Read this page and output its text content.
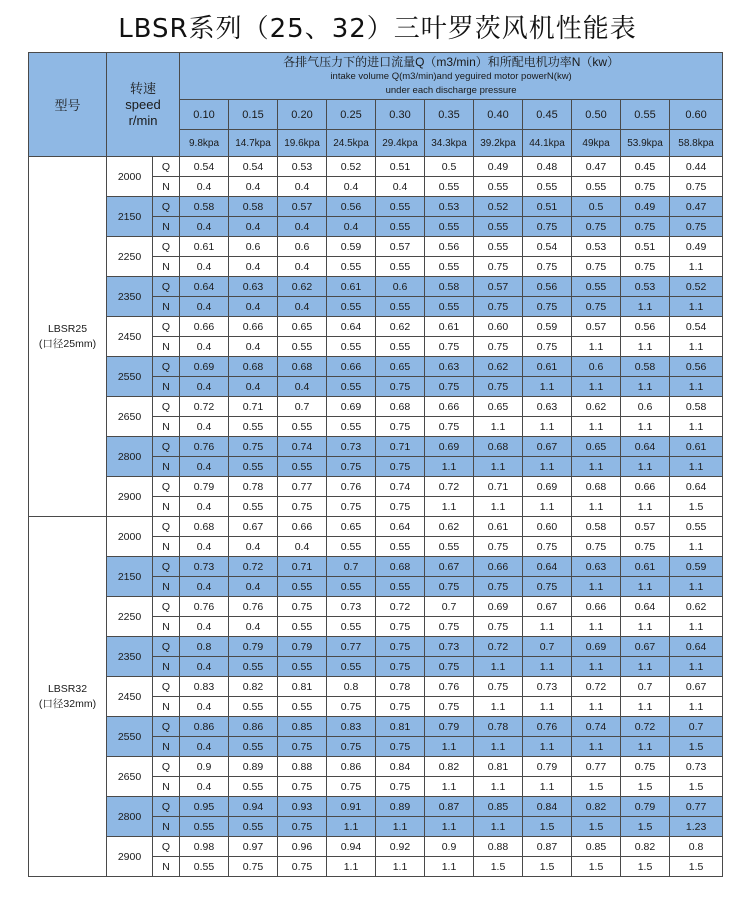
LBSR系列（25、32）三叶罗茨风机性能表
型号	转速
speed
r/min		各排气压力下的进口流量Q（m3/min）和所配电机功率N（kw）
intake volume Q(m3/min)and yeguired motor powerN(kw)
under each discharge pressure										
			0.10	0.15	0.20	0.25	0.30	0.35	0.40	0.45	0.50	0.55	0.60
			9.8kpa	14.7kpa	19.6kpa	24.5kpa	29.4kpa	34.3kpa	39.2kpa	44.1kpa	49kpa	53.9kpa	58.8kpa
LBSR25
(口径25mm)	2000	Q	0.54	0.54	0.53	0.52	0.51	0.5	0.49	0.48	0.47	0.45	0.44
		N	0.4	0.4	0.4	0.4	0.4	0.55	0.55	0.55	0.55	0.75	0.75
	2150	Q	0.58	0.58	0.57	0.56	0.55	0.53	0.52	0.51	0.5	0.49	0.47
		N	0.4	0.4	0.4	0.4	0.55	0.55	0.55	0.75	0.75	0.75	0.75
	2250	Q	0.61	0.6	0.6	0.59	0.57	0.56	0.55	0.54	0.53	0.51	0.49
		N	0.4	0.4	0.4	0.55	0.55	0.55	0.75	0.75	0.75	0.75	1.1
	2350	Q	0.64	0.63	0.62	0.61	0.6	0.58	0.57	0.56	0.55	0.53	0.52
		N	0.4	0.4	0.4	0.55	0.55	0.55	0.75	0.75	0.75	1.1	1.1
	2450	Q	0.66	0.66	0.65	0.64	0.62	0.61	0.60	0.59	0.57	0.56	0.54
		N	0.4	0.4	0.55	0.55	0.55	0.75	0.75	0.75	1.1	1.1	1.1
	2550	Q	0.69	0.68	0.68	0.66	0.65	0.63	0.62	0.61	0.6	0.58	0.56
		N	0.4	0.4	0.4	0.55	0.75	0.75	0.75	1.1	1.1	1.1	1.1
	2650	Q	0.72	0.71	0.7	0.69	0.68	0.66	0.65	0.63	0.62	0.6	0.58
		N	0.4	0.55	0.55	0.55	0.75	0.75	1.1	1.1	1.1	1.1	1.1
	2800	Q	0.76	0.75	0.74	0.73	0.71	0.69	0.68	0.67	0.65	0.64	0.61
		N	0.4	0.55	0.55	0.75	0.75	1.1	1.1	1.1	1.1	1.1	1.1
	2900	Q	0.79	0.78	0.77	0.76	0.74	0.72	0.71	0.69	0.68	0.66	0.64
		N	0.4	0.55	0.75	0.75	0.75	1.1	1.1	1.1	1.1	1.1	1.5
LBSR32
(口径32mm)	2000	Q	0.68	0.67	0.66	0.65	0.64	0.62	0.61	0.60	0.58	0.57	0.55
		N	0.4	0.4	0.4	0.55	0.55	0.55	0.75	0.75	0.75	0.75	1.1
	2150	Q	0.73	0.72	0.71	0.7	0.68	0.67	0.66	0.64	0.63	0.61	0.59
		N	0.4	0.4	0.55	0.55	0.55	0.75	0.75	0.75	1.1	1.1	1.1
	2250	Q	0.76	0.76	0.75	0.73	0.72	0.7	0.69	0.67	0.66	0.64	0.62
		N	0.4	0.4	0.55	0.55	0.75	0.75	0.75	1.1	1.1	1.1	1.1
	2350	Q	0.8	0.79	0.79	0.77	0.75	0.73	0.72	0.7	0.69	0.67	0.64
		N	0.4	0.55	0.55	0.55	0.75	0.75	1.1	1.1	1.1	1.1	1.1
	2450	Q	0.83	0.82	0.81	0.8	0.78	0.76	0.75	0.73	0.72	0.7	0.67
		N	0.4	0.55	0.55	0.75	0.75	0.75	1.1	1.1	1.1	1.1	1.1
	2550	Q	0.86	0.86	0.85	0.83	0.81	0.79	0.78	0.76	0.74	0.72	0.7
		N	0.4	0.55	0.75	0.75	0.75	1.1	1.1	1.1	1.1	1.1	1.5
	2650	Q	0.9	0.89	0.88	0.86	0.84	0.82	0.81	0.79	0.77	0.75	0.73
		N	0.4	0.55	0.75	0.75	0.75	1.1	1.1	1.1	1.5	1.5	1.5
	2800	Q	0.95	0.94	0.93	0.91	0.89	0.87	0.85	0.84	0.82	0.79	0.77
		N	0.55	0.55	0.75	1.1	1.1	1.1	1.1	1.5	1.5	1.5	1.23
	2900	Q	0.98	0.97	0.96	0.94	0.92	0.9	0.88	0.87	0.85	0.82	0.8
		N	0.55	0.75	0.75	1.1	1.1	1.1	1.5	1.5	1.5	1.5	1.5
